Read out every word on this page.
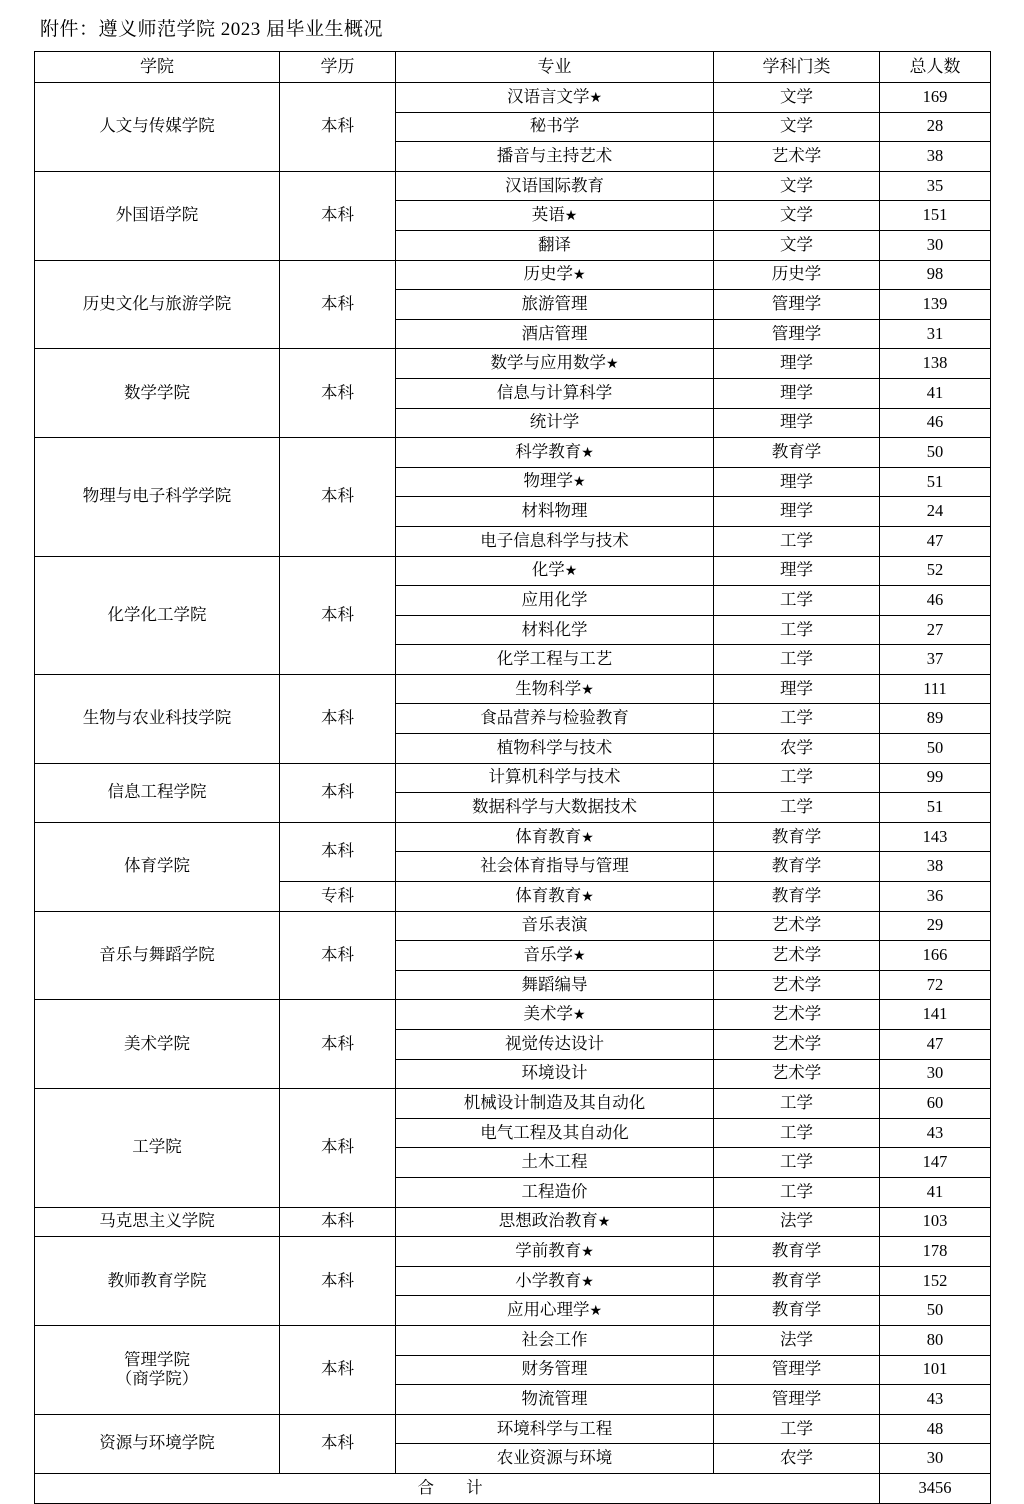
附件：遵义师范学院 2023 届毕业生概况
学院	学历	专业	学科门类	总人数
人文与传媒学院	本科	汉语言文学★	文学	169
		秘书学	文学	28
		播音与主持艺术	艺术学	38
外国语学院	本科	汉语国际教育	文学	35
		英语★	文学	151
		翻译	文学	30
历史文化与旅游学院	本科	历史学★	历史学	98
		旅游管理	管理学	139
		酒店管理	管理学	31
数学学院	本科	数学与应用数学★	理学	138
		信息与计算科学	理学	41
		统计学	理学	46
物理与电子科学学院	本科	科学教育★	教育学	50
		物理学★	理学	51
		材料物理	理学	24
		电子信息科学与技术	工学	47
化学化工学院	本科	化学★	理学	52
		应用化学	工学	46
		材料化学	工学	27
		化学工程与工艺	工学	37
生物与农业科技学院	本科	生物科学★	理学	111
		食品营养与检验教育	工学	89
		植物科学与技术	农学	50
信息工程学院	本科	计算机科学与技术	工学	99
		数据科学与大数据技术	工学	51
体育学院	本科	体育教育★	教育学	143
		社会体育指导与管理	教育学	38
	专科	体育教育★	教育学	36
音乐与舞蹈学院	本科	音乐表演	艺术学	29
		音乐学★	艺术学	166
		舞蹈编导	艺术学	72
美术学院	本科	美术学★	艺术学	141
		视觉传达设计	艺术学	47
		环境设计	艺术学	30
工学院	本科	机械设计制造及其自动化	工学	60
		电气工程及其自动化	工学	43
		土木工程	工学	147
		工程造价	工学	41
马克思主义学院	本科	思想政治教育★	法学	103
教师教育学院	本科	学前教育★	教育学	178
		小学教育★	教育学	152
		应用心理学★	教育学	50
管理学院
（商学院）	本科	社会工作	法学	80
		财务管理	管理学	101
		物流管理	管理学	43
资源与环境学院	本科	环境科学与工程	工学	48
		农业资源与环境	农学	30
合 计				3456
